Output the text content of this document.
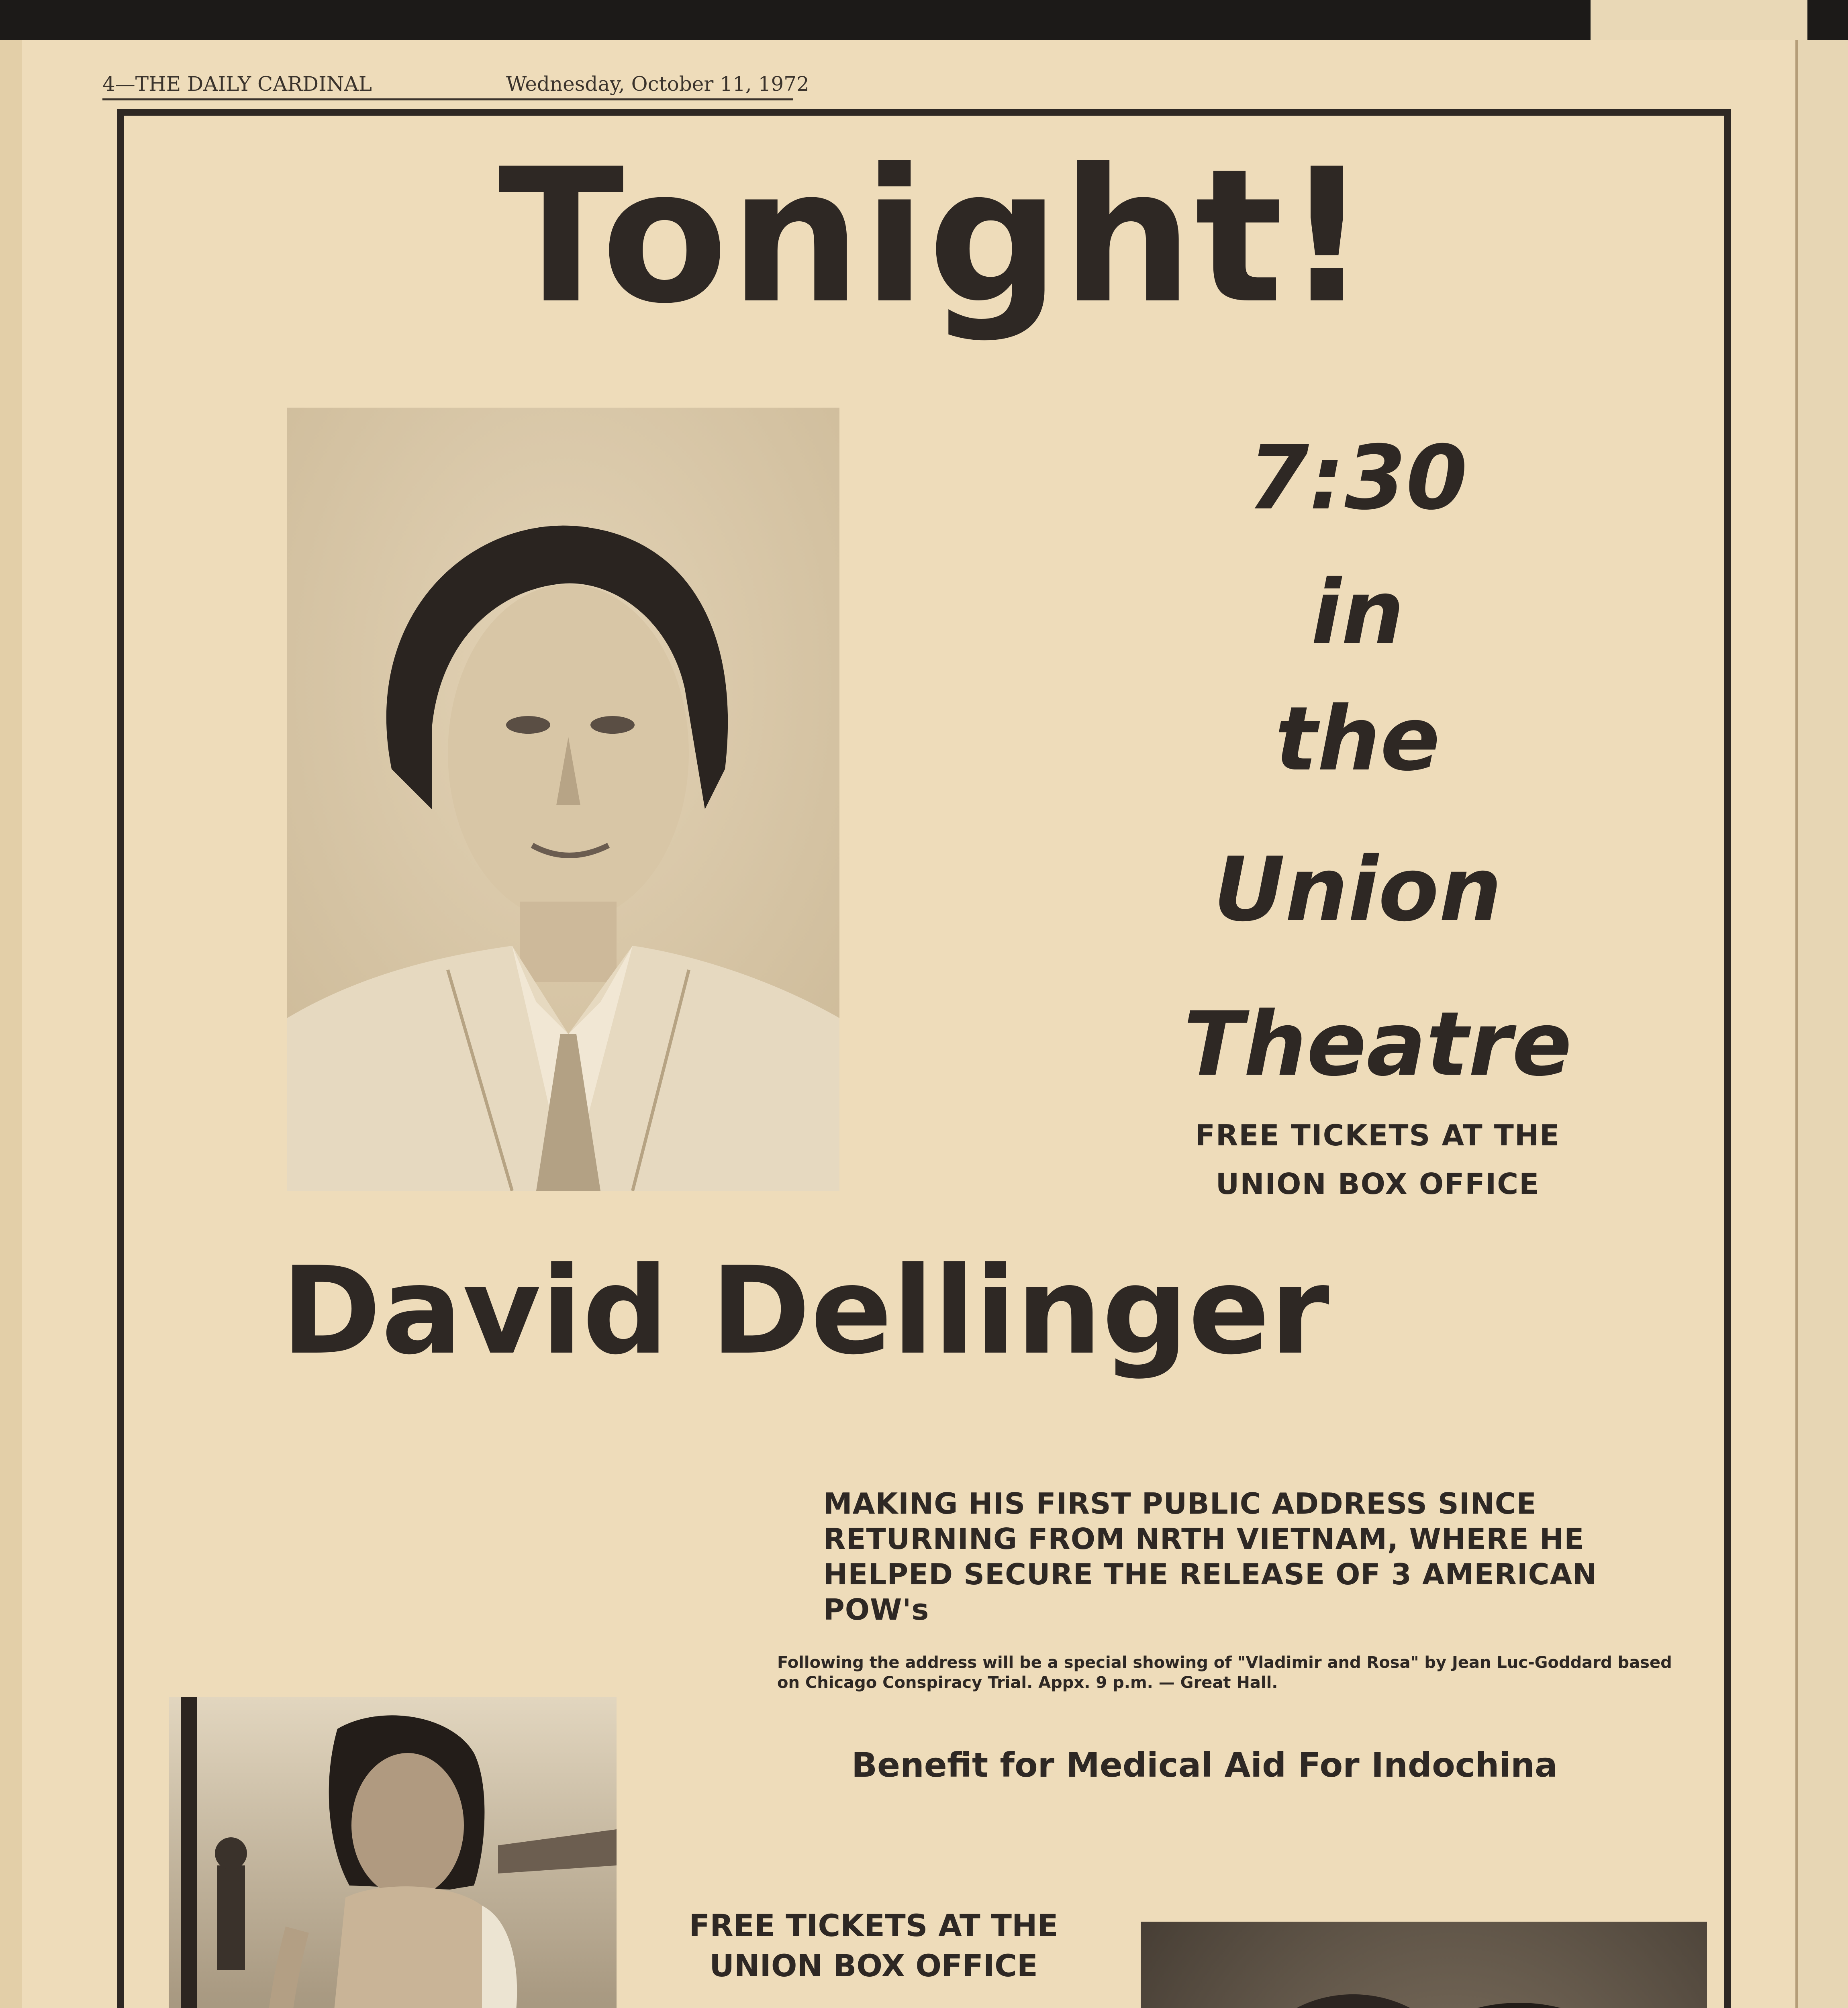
4—THE DAILY CARDINAL	Wednesday, October 11, 1972
Tonight!
7:30
in
the
Union
Theatre
FREE TICKETS AT THE
UNION BOX OFFICE
David Dellinger
MAKING HIS FIRST PUBLIC ADDRESS SINCE
RETURNING FROM NRTH VIETNAM, WHERE HE
HELPED SECURE THE RELEASE OF 3 AMERICAN
POW's
Following the address will be a special showing of "Vladimir and Rosa" by Jean Luc-Goddard based
on Chicago Conspiracy Trial. Appx. 9 p.m. — Great Hall.
Benefit for Medical Aid For Indochina
FREE TICKETS AT THE
UNION BOX OFFICE
